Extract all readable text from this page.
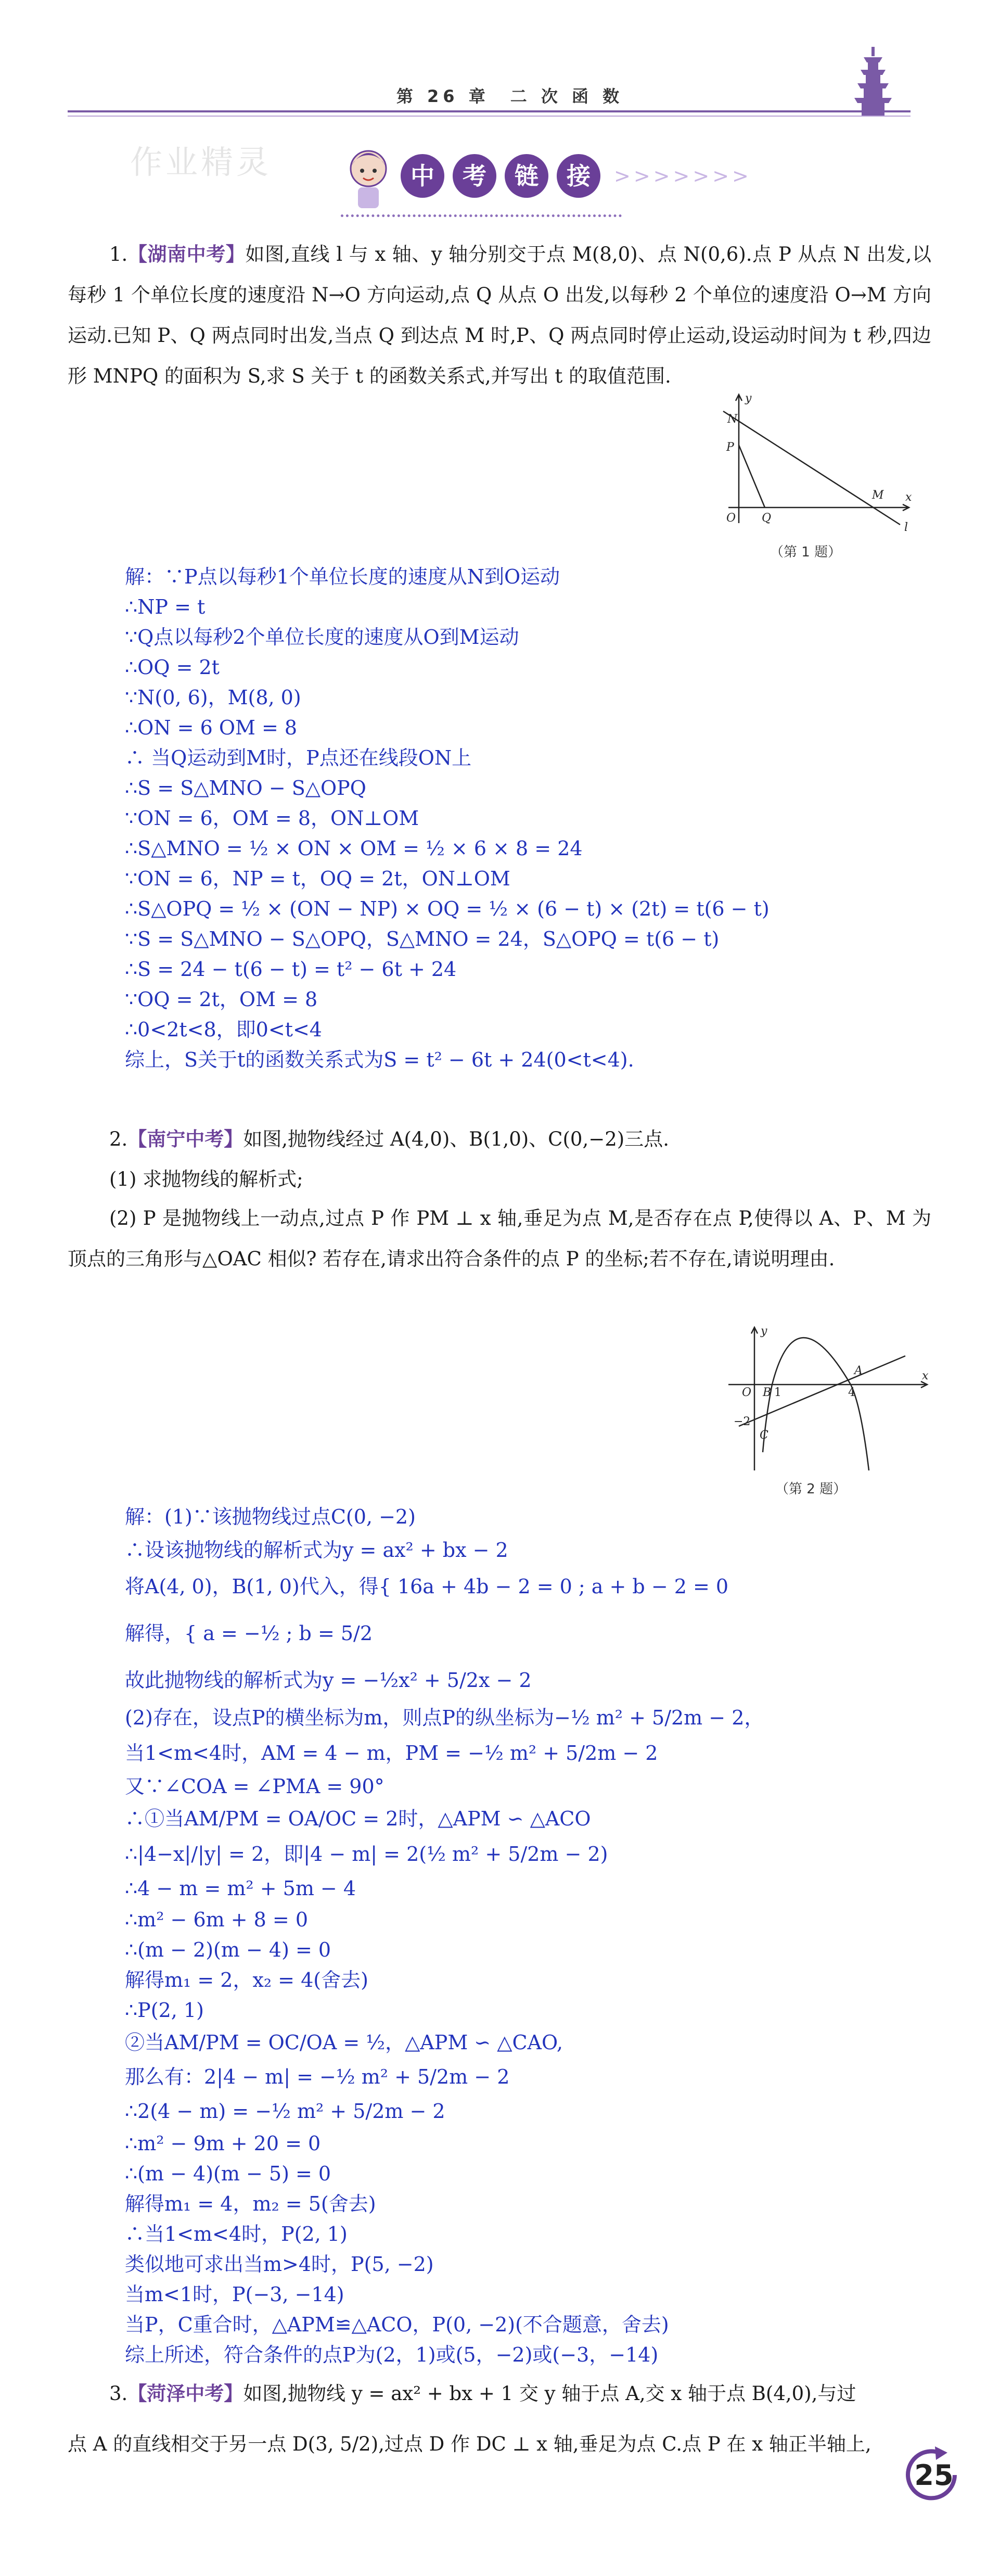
第 26 章　二 次 函 数
作业精灵	中	考	链	接	>>>>>>>
1.【湖南中考】如图,直线 l 与 x 轴、y 轴分别交于点 M(8,0)、点 N(0,6).点 P 从点 N 出发,以每秒 1 个单位长度的速度沿 N→O 方向运动,点 Q 从点 O 出发,以每秒 2 个单位的速度沿 O→M 方向运动.已知 P、Q 两点同时出发,当点 Q 到达点 M 时,P、Q 两点同时停止运动,设运动时间为 t 秒,四边形 MNPQ 的面积为 S,求 S 关于 t 的函数关系式,并写出 t 的取值范围.
y
x
N
P
O Q
M
l
（第 1 题）
解：∵P点以每秒1个单位长度的速度从N到O运动
∴NP = t
∵Q点以每秒2个单位长度的速度从O到M运动
∴OQ = 2t
∵N(0, 6)，M(8, 0)
∴ON = 6 OM = 8
∴ 当Q运动到M时，P点还在线段ON上
∴S = S△MNO − S△OPQ
∵ON = 6，OM = 8，ON⊥OM
∴S△MNO = ½ × ON × OM = ½ × 6 × 8 = 24
∵ON = 6，NP = t，OQ = 2t，ON⊥OM
∴S△OPQ = ½ × (ON − NP) × OQ = ½ × (6 − t) × (2t) = t(6 − t)
∵S = S△MNO − S△OPQ，S△MNO = 24，S△OPQ = t(6 − t)
∴S = 24 − t(6 − t) = t² − 6t + 24
∵OQ = 2t，OM = 8
∴0<2t<8，即0<t<4
综上，S关于t的函数关系式为S = t² − 6t + 24(0<t<4).
2.【南宁中考】如图,抛物线经过 A(4,0)、B(1,0)、C(0,−2)三点.
(1) 求抛物线的解析式;
(2) P 是抛物线上一动点,过点 P 作 PM ⊥ x 轴,垂足为点 M,是否存在点 P,使得以 A、P、M 为顶点的三角形与△OAC 相似? 若存在,请求出符合条件的点 P 的坐标;若不存在,请说明理由.
y
x
O B 1
A
4
−2
C
（第 2 题）
解：(1)∵该抛物线过点C(0, −2)
∴设该抛物线的解析式为y = ax² + bx − 2
将A(4, 0)，B(1, 0)代入，得{ 16a + 4b − 2 = 0 ; a + b − 2 = 0
解得，{ a = −½ ; b = 5/2
故此抛物线的解析式为y = −½x² + 5/2x − 2
(2)存在，设点P的横坐标为m，则点P的纵坐标为−½ m² + 5/2m − 2，
当1<m<4时，AM = 4 − m，PM = −½ m² + 5/2m − 2
又∵∠COA = ∠PMA = 90°
∴①当AM/PM = OA/OC = 2时，△APM ∽ △ACO
∴|4−x|/|y| = 2，即|4 − m| = 2(½ m² + 5/2m − 2)
∴4 − m = m² + 5m − 4
∴m² − 6m + 8 = 0
∴(m − 2)(m − 4) = 0
解得m₁ = 2，x₂ = 4(舍去)
∴P(2, 1)
②当AM/PM = OC/OA = ½，△APM ∽ △CAO,
那么有：2|4 − m| = −½ m² + 5/2m − 2
∴2(4 − m) = −½ m² + 5/2m − 2
∴m² − 9m + 20 = 0
∴(m − 4)(m − 5) = 0
解得m₁ = 4，m₂ = 5(舍去)
∴当1<m<4时，P(2, 1)
类似地可求出当m>4时，P(5, −2)
当m<1时，P(−3, −14)
当P，C重合时，△APM≌△ACO，P(0, −2)(不合题意，舍去)
综上所述，符合条件的点P为(2，1)或(5，−2)或(−3，−14)
3.【菏泽中考】如图,抛物线 y = ax² + bx + 1 交 y 轴于点 A,交 x 轴于点 B(4,0),与过
点 A 的直线相交于另一点 D(3, 5/2),过点 D 作 DC ⊥ x 轴,垂足为点 C.点 P 在 x 轴正半轴上,
25
